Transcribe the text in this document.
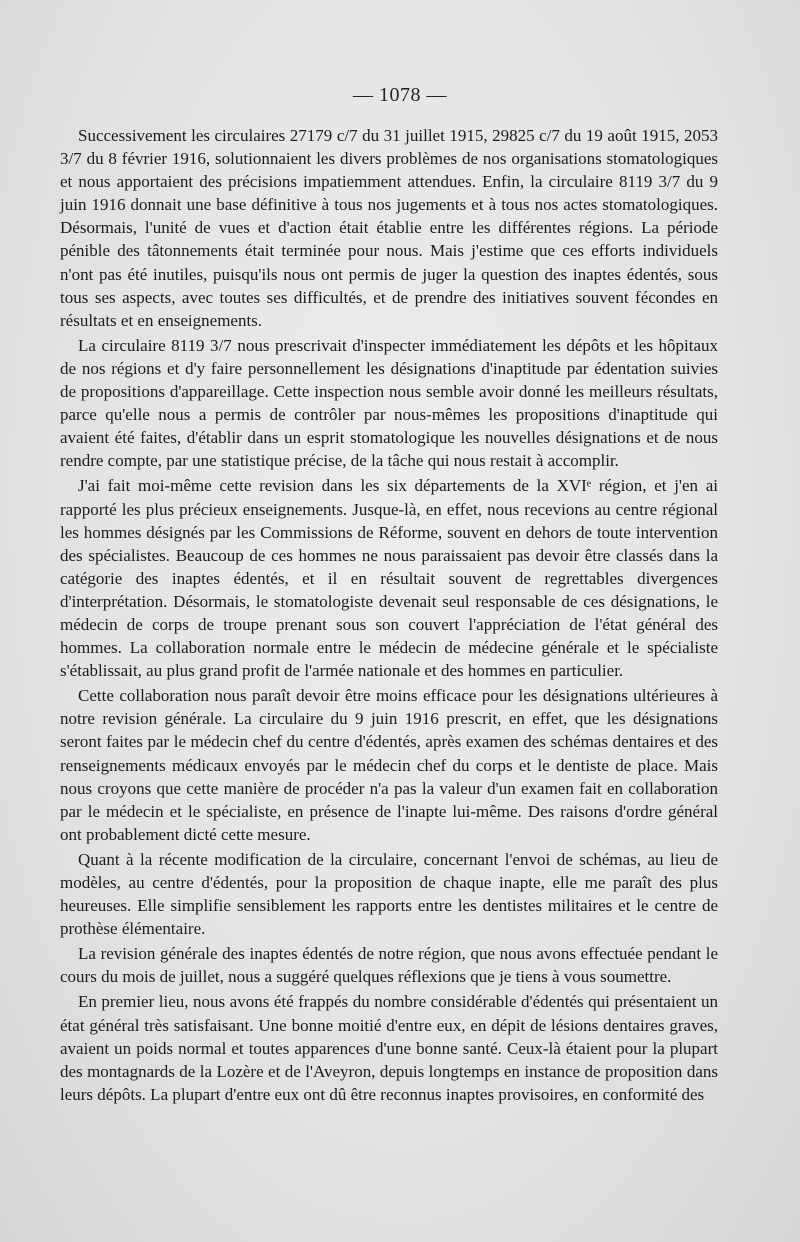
— 1078 —

Successivement les circulaires 27179 c/7 du 31 juillet 1915, 29825 c/7 du 19 août 1915, 2053 3/7 du 8 février 1916, solutionnaient les divers problèmes de nos organisations stomatologiques et nous apportaient des précisions impatiemment attendues. Enfin, la circulaire 8119 3/7 du 9 juin 1916 donnait une base définitive à tous nos jugements et à tous nos actes stomatologiques. Désormais, l'unité de vues et d'action était établie entre les différentes régions. La période pénible des tâtonnements était terminée pour nous. Mais j'estime que ces efforts individuels n'ont pas été inutiles, puisqu'ils nous ont permis de juger la question des inaptes édentés, sous tous ses aspects, avec toutes ses difficultés, et de prendre des initiatives souvent fécondes en résultats et en enseignements.

La circulaire 8119 3/7 nous prescrivait d'inspecter immédiatement les dépôts et les hôpitaux de nos régions et d'y faire personnellement les désignations d'inaptitude par édentation suivies de propositions d'appareillage. Cette inspection nous semble avoir donné les meilleurs résultats, parce qu'elle nous a permis de contrôler par nous-mêmes les propositions d'inaptitude qui avaient été faites, d'établir dans un esprit stomatologique les nouvelles désignations et de nous rendre compte, par une statistique précise, de la tâche qui nous restait à accomplir.

J'ai fait moi-même cette revision dans les six départements de la XVIᵉ région, et j'en ai rapporté les plus précieux enseignements. Jusque-là, en effet, nous recevions au centre régional les hommes désignés par les Commissions de Réforme, souvent en dehors de toute intervention des spécialistes. Beaucoup de ces hommes ne nous paraissaient pas devoir être classés dans la catégorie des inaptes édentés, et il en résultait souvent de regrettables divergences d'interprétation. Désormais, le stomatologiste devenait seul responsable de ces désignations, le médecin de corps de troupe prenant sous son couvert l'appréciation de l'état général des hommes. La collaboration normale entre le médecin de médecine générale et le spécialiste s'établissait, au plus grand profit de l'armée nationale et des hommes en particulier.

Cette collaboration nous paraît devoir être moins efficace pour les désignations ultérieures à notre revision générale. La circulaire du 9 juin 1916 prescrit, en effet, que les désignations seront faites par le médecin chef du centre d'édentés, après examen des schémas dentaires et des renseignements médicaux envoyés par le médecin chef du corps et le dentiste de place. Mais nous croyons que cette manière de procéder n'a pas la valeur d'un examen fait en collaboration par le médecin et le spécialiste, en présence de l'inapte lui-même. Des raisons d'ordre général ont probablement dicté cette mesure.

Quant à la récente modification de la circulaire, concernant l'envoi de schémas, au lieu de modèles, au centre d'édentés, pour la proposition de chaque inapte, elle me paraît des plus heureuses. Elle simplifie sensiblement les rapports entre les dentistes militaires et le centre de prothèse élémentaire.

La revision générale des inaptes édentés de notre région, que nous avons effectuée pendant le cours du mois de juillet, nous a suggéré quelques réflexions que je tiens à vous soumettre.

En premier lieu, nous avons été frappés du nombre considérable d'édentés qui présentaient un état général très satisfaisant. Une bonne moitié d'entre eux, en dépit de lésions dentaires graves, avaient un poids normal et toutes apparences d'une bonne santé. Ceux-là étaient pour la plupart des montagnards de la Lozère et de l'Aveyron, depuis longtemps en instance de proposition dans leurs dépôts. La plupart d'entre eux ont dû être reconnus inaptes provisoires, en conformité des
